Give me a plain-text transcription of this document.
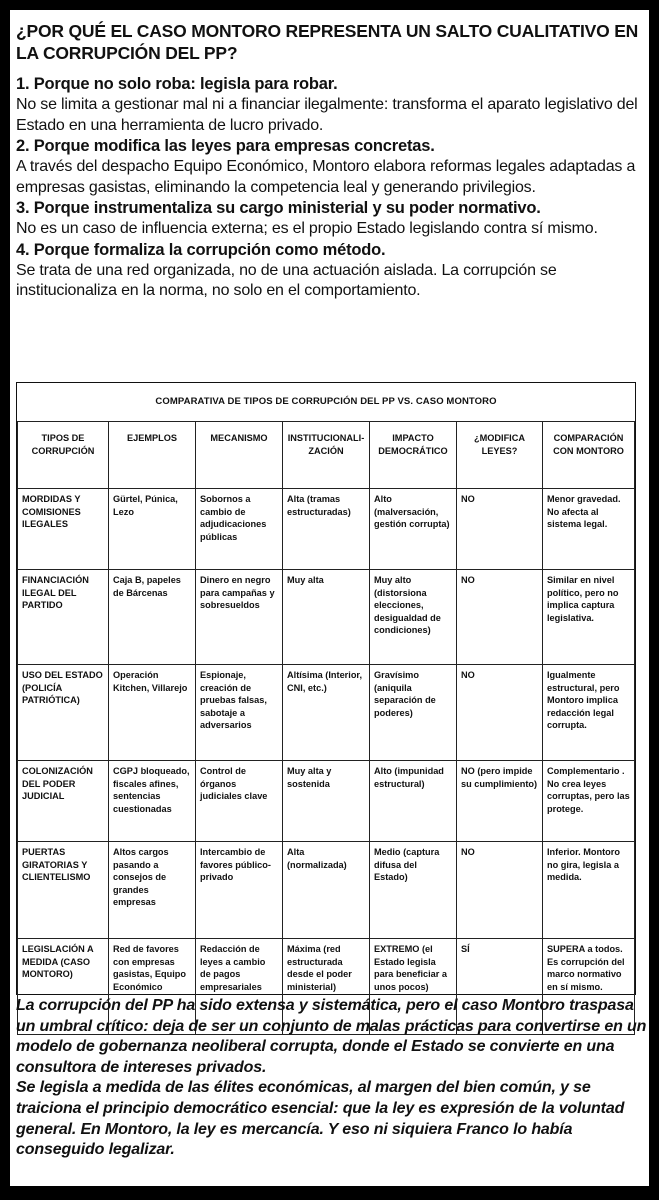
¿POR QUÉ EL CASO MONTORO REPRESENTA UN SALTO CUALITATIVO EN LA CORRUPCIÓN DEL PP?
1. Porque no solo roba: legisla para robar.
No se limita a gestionar mal ni a financiar ilegalmente: transforma el aparato legislativo del Estado en una herramienta de lucro privado.
2. Porque modifica las leyes para empresas concretas.
A través del despacho Equipo Económico, Montoro elabora reformas legales adaptadas a empresas gasistas, eliminando la competencia leal y generando privilegios.
3. Porque instrumentaliza su cargo ministerial y su poder normativo.
No es un caso de influencia externa; es el propio Estado legislando contra sí mismo.
4. Porque formaliza la corrupción como método.
Se trata de una red organizada, no de una actuación aislada. La corrupción se institucionaliza en la norma, no solo en el comportamiento.
COMPARATIVA DE TIPOS DE CORRUPCIÓN DEL PP VS. CASO MONTORO
TIPOS DE CORRUPCIÓN	EJEMPLOS	MECANISMO	INSTITUCIONALI- ZACIÓN	IMPACTO DEMOCRÁTICO	¿MODIFICA LEYES?	COMPARACIÓN CON MONTORO
MORDIDAS Y COMISIONES ILEGALES	Gürtel, Púnica, Lezo	Sobornos a cambio de adjudicaciones públicas	Alta (tramas estructuradas)	Alto (malversación, gestión corrupta)	NO	Menor gravedad. No afecta al sistema legal.
FINANCIACIÓN ILEGAL DEL PARTIDO	Caja B, papeles de Bárcenas	Dinero en negro para campañas y sobresueldos	Muy alta	Muy alto (distorsiona elecciones, desigualdad de condiciones)	NO	Similar en nivel político, pero no implica captura legislativa.
USO DEL ESTADO (POLICÍA PATRIÓTICA)	Operación Kitchen, Villarejo	Espionaje, creación de pruebas falsas, sabotaje a adversarios	Altísima (Interior, CNI, etc.)	Gravísimo (aniquila separación de poderes)	NO	Igualmente estructural, pero Montoro implica redacción legal corrupta.
COLONIZACIÓN DEL PODER JUDICIAL	CGPJ bloqueado, fiscales afines, sentencias cuestionadas	Control de órganos judiciales clave	Muy alta y sostenida	Alto (impunidad estructural)	NO (pero impide su cumplimiento)	Complementario . No crea leyes corruptas, pero las protege.
PUERTAS GIRATORIAS Y CLIENTELISMO	Altos cargos pasando a consejos de grandes empresas	Intercambio de favores público-privado	Alta (normalizada)	Medio (captura difusa del Estado)	NO	Inferior. Montoro no gira, legisla a medida.
LEGISLACIÓN A MEDIDA (CASO MONTORO)	Red de favores con empresas gasistas, Equipo Económico	Redacción de leyes a cambio de pagos empresariales	Máxima (red estructurada desde el poder ministerial)	EXTREMO (el Estado legisla para beneficiar a unos pocos)	SÍ	SUPERA a todos. Es corrupción del marco normativo en sí mismo.

La corrupción del PP ha sido extensa y sistemática, pero el caso Montoro traspasa un umbral crítico: deja de ser un conjunto de malas prácticas para convertirse en un modelo de gobernanza neoliberal corrupta, donde el Estado se convierte en una consultora de intereses privados.

Se legisla a medida de las élites económicas, al margen del bien común, y se traiciona el principio democrático esencial: que la ley es expresión de la voluntad general. En Montoro, la ley es mercancía. Y eso ni siquiera Franco lo había conseguido legalizar.
